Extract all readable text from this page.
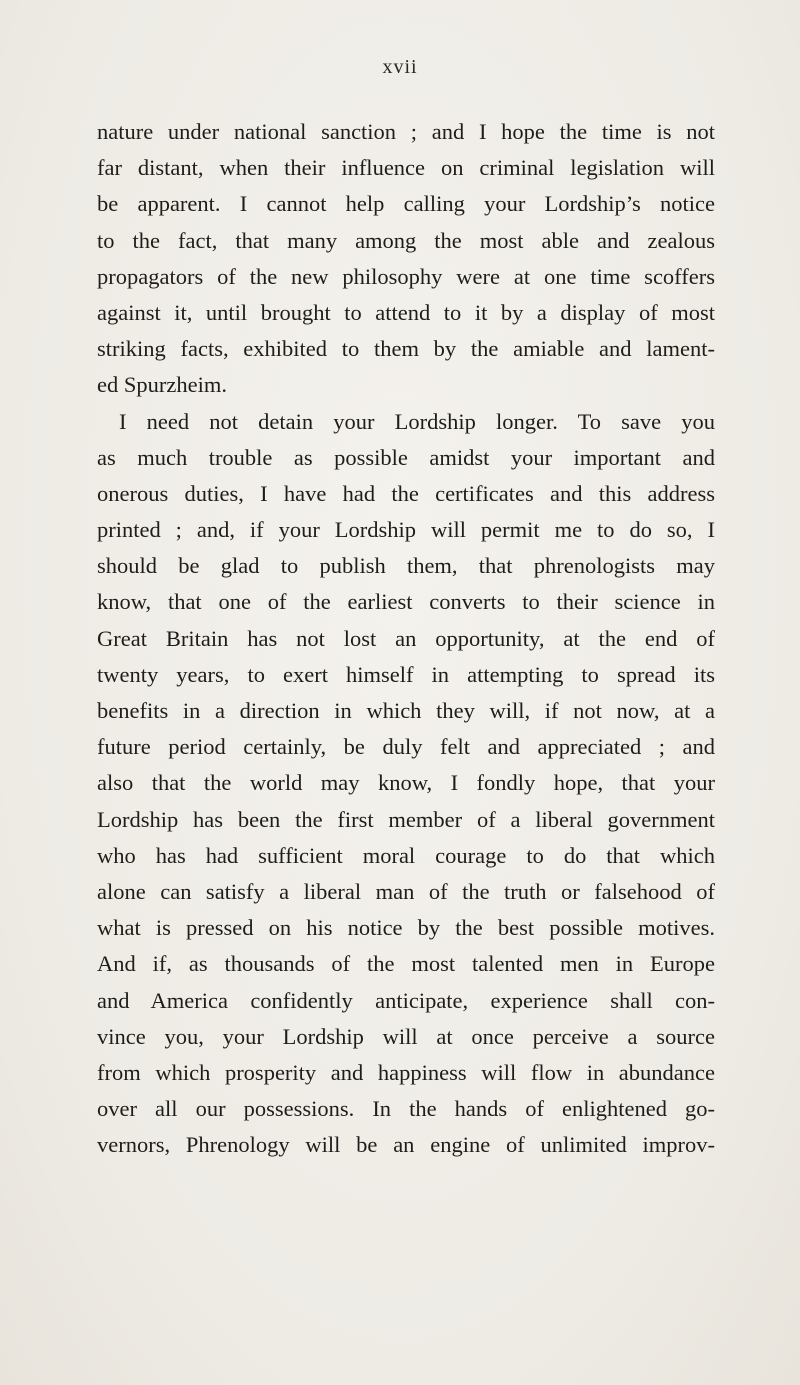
xvii
nature under national sanction ; and I hope the time is not
far distant, when their influence on criminal legislation will
be apparent. I cannot help calling your Lordship’s notice
to the fact, that many among the most able and zealous
propagators of the new philosophy were at one time scoffers
against it, until brought to attend to it by a display of most
striking facts, exhibited to them by the amiable and lament-
ed Spurzheim.
I need not detain your Lordship longer. To save you
as much trouble as possible amidst your important and
onerous duties, I have had the certificates and this address
printed ; and, if your Lordship will permit me to do so, I
should be glad to publish them, that phrenologists may
know, that one of the earliest converts to their science in
Great Britain has not lost an opportunity, at the end of
twenty years, to exert himself in attempting to spread its
benefits in a direction in which they will, if not now, at a
future period certainly, be duly felt and appreciated ; and
also that the world may know, I fondly hope, that your
Lordship has been the first member of a liberal government
who has had sufficient moral courage to do that which
alone can satisfy a liberal man of the truth or falsehood of
what is pressed on his notice by the best possible motives.
And if, as thousands of the most talented men in Europe
and America confidently anticipate, experience shall con-
vince you, your Lordship will at once perceive a source
from which prosperity and happiness will flow in abundance
over all our possessions. In the hands of enlightened go-
vernors, Phrenology will be an engine of unlimited improv-
